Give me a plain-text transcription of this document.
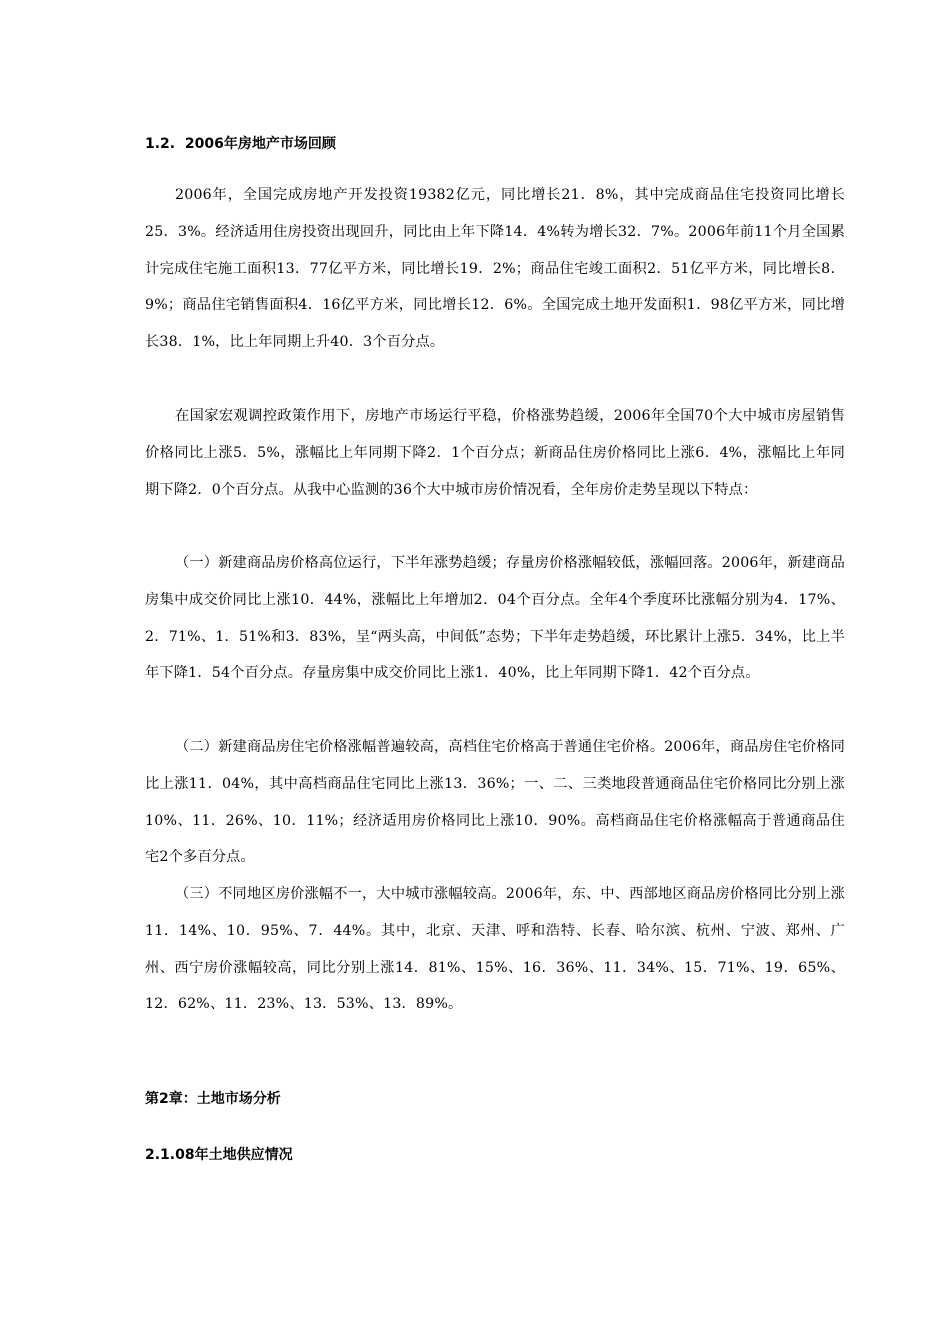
1.2.  2006年房地产市场回顾
2006年，全国完成房地产开发投资19382亿元，同比增长21．8%，其中完成商品住宅投资同比增长25．3%。经济适用住房投资出现回升，同比由上年下降14．4%转为增长32．7%。2006年前11个月全国累计完成住宅施工面积13．77亿平方米，同比增长19．2%；商品住宅竣工面积2．51亿平方米，同比增长8．9%；商品住宅销售面积4．16亿平方米，同比增长12．6%。全国完成土地开发面积1．98亿平方米，同比增长38．1%，比上年同期上升40．3个百分点。
在国家宏观调控政策作用下，房地产市场运行平稳，价格涨势趋缓，2006年全国70个大中城市房屋销售价格同比上涨5．5%，涨幅比上年同期下降2．1个百分点；新商品住房价格同比上涨6．4%，涨幅比上年同期下降2．0个百分点。从我中心监测的36个大中城市房价情况看，全年房价走势呈现以下特点：
（一）新建商品房价格高位运行，下半年涨势趋缓；存量房价格涨幅较低，涨幅回落。2006年，新建商品房集中成交价同比上涨10．44%，涨幅比上年增加2．04个百分点。全年4个季度环比涨幅分别为4．17%、2．71%、1．51%和3．83%，呈“两头高，中间低”态势；下半年走势趋缓，环比累计上涨5．34%，比上半年下降1．54个百分点。存量房集中成交价同比上涨1．40%，比上年同期下降1．42个百分点。
（二）新建商品房住宅价格涨幅普遍较高，高档住宅价格高于普通住宅价格。2006年，商品房住宅价格同比上涨11．04%，其中高档商品住宅同比上涨13．36%；一、二、三类地段普通商品住宅价格同比分别上涨10%、11．26%、10．11%；经济适用房价格同比上涨10．90%。高档商品住宅价格涨幅高于普通商品住宅2个多百分点。
（三）不同地区房价涨幅不一，大中城市涨幅较高。2006年，东、中、西部地区商品房价格同比分别上涨11．14%、10．95%、7．44%。其中，北京、天津、呼和浩特、长春、哈尔滨、杭州、宁波、郑州、广州、西宁房价涨幅较高，同比分别上涨14．81%、15%、16．36%、11．34%、15．71%、19．65%、12．62%、11．23%、13．53%、13．89%。
第2章：土地市场分析
2.1.08年土地供应情况
